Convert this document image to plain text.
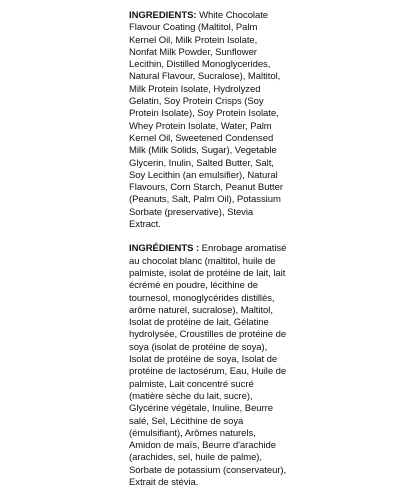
INGREDIENTS: White Chocolate Flavour Coating (Maltitol, Palm Kernel Oil, Milk Protein Isolate, Nonfat Milk Powder, Sunflower Lecithin, Distilled Monoglycerides, Natural Flavour, Sucralose), Maltitol, Milk Protein Isolate, Hydrolyzed Gelatin, Soy Protein Crisps (Soy Protein Isolate), Soy Protein Isolate, Whey Protein Isolate, Water, Palm Kernel Oil, Sweetened Condensed Milk (Milk Solids, Sugar), Vegetable Glycerin, Inulin, Salted Butter, Salt, Soy Lecithin (an emulsifier), Natural Flavours, Corn Starch, Peanut Butter (Peanuts, Salt, Palm Oil), Potassium Sorbate (preservative), Stevia Extract.

INGRÉDIENTS : Enrobage aromatisé au chocolat blanc (maltitol, huile de palmiste, isolat de protéine de lait, lait écrémé en poudre, lécithine de tournesol, monoglycérides distillés, arôme naturel, sucralose), Maltitol, Isolat de protéine de lait, Gélatine hydrolysée, Croustilles de protéine de soya (isolat de protéine de soya), Isolat de protéine de soya, Isolat de protéine de lactosérum, Eau, Huile de palmiste, Lait concentré sucré (matière sèche du lait, sucre), Glycérine végétale, Inuline, Beurre salé, Sel, Lécithine de soya (émulsifiant), Arômes naturels, Amidon de maïs, Beurre d'arachide (arachides, sel, huile de palme), Sorbate de potassium (conservateur), Extrait de stévia.
